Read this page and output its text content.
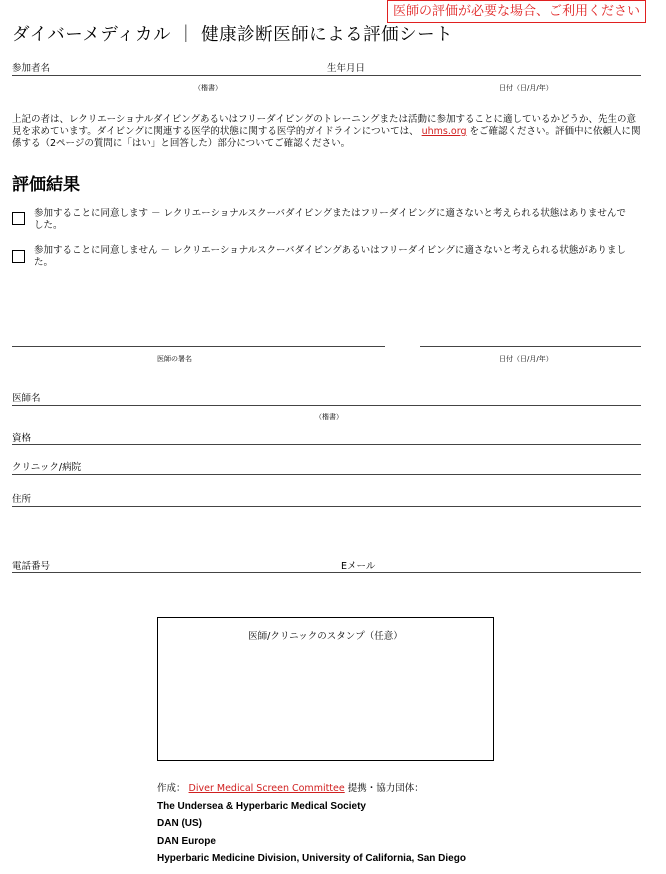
医師の評価が必要な場合、ご利用ください
ダイバーメディカル ｜ 健康診断医師による評価シート
参加者名	生年月日
（楷書）	日付（日/月/年）
上記の者は、レクリエーショナルダイビングあるいはフリーダイビングのトレーニングまたは活動に参加することに適しているかどうか、先生の意見を求めています。ダイビングに関連する医学的状態に関する医学的ガイドラインについては、 uhms.org をご確認ください。評価中に依頼人に関係する（2ページの質問に「はい」と回答した）部分についてご確認ください。
評価結果
参加することに同意します － レクリエーショナルスクーバダイビングまたはフリーダイビングに適さないと考えられる状態はありませんでした。
参加することに同意しません － レクリエーショナルスクーバダイビングあるいはフリーダイビングに適さないと考えられる状態がありました。
医師の署名	日付（日/月/年）
医師名
（楷書）
資格
クリニック/病院
住所
電話番号	Eメール
医師/クリニックのスタンプ（任意）
作成： Diver Medical Screen Committee 提携・協力団体：
The Undersea & Hyperbaric Medical Society
DAN (US)
DAN Europe
Hyperbaric Medicine Division, University of California, San Diego
